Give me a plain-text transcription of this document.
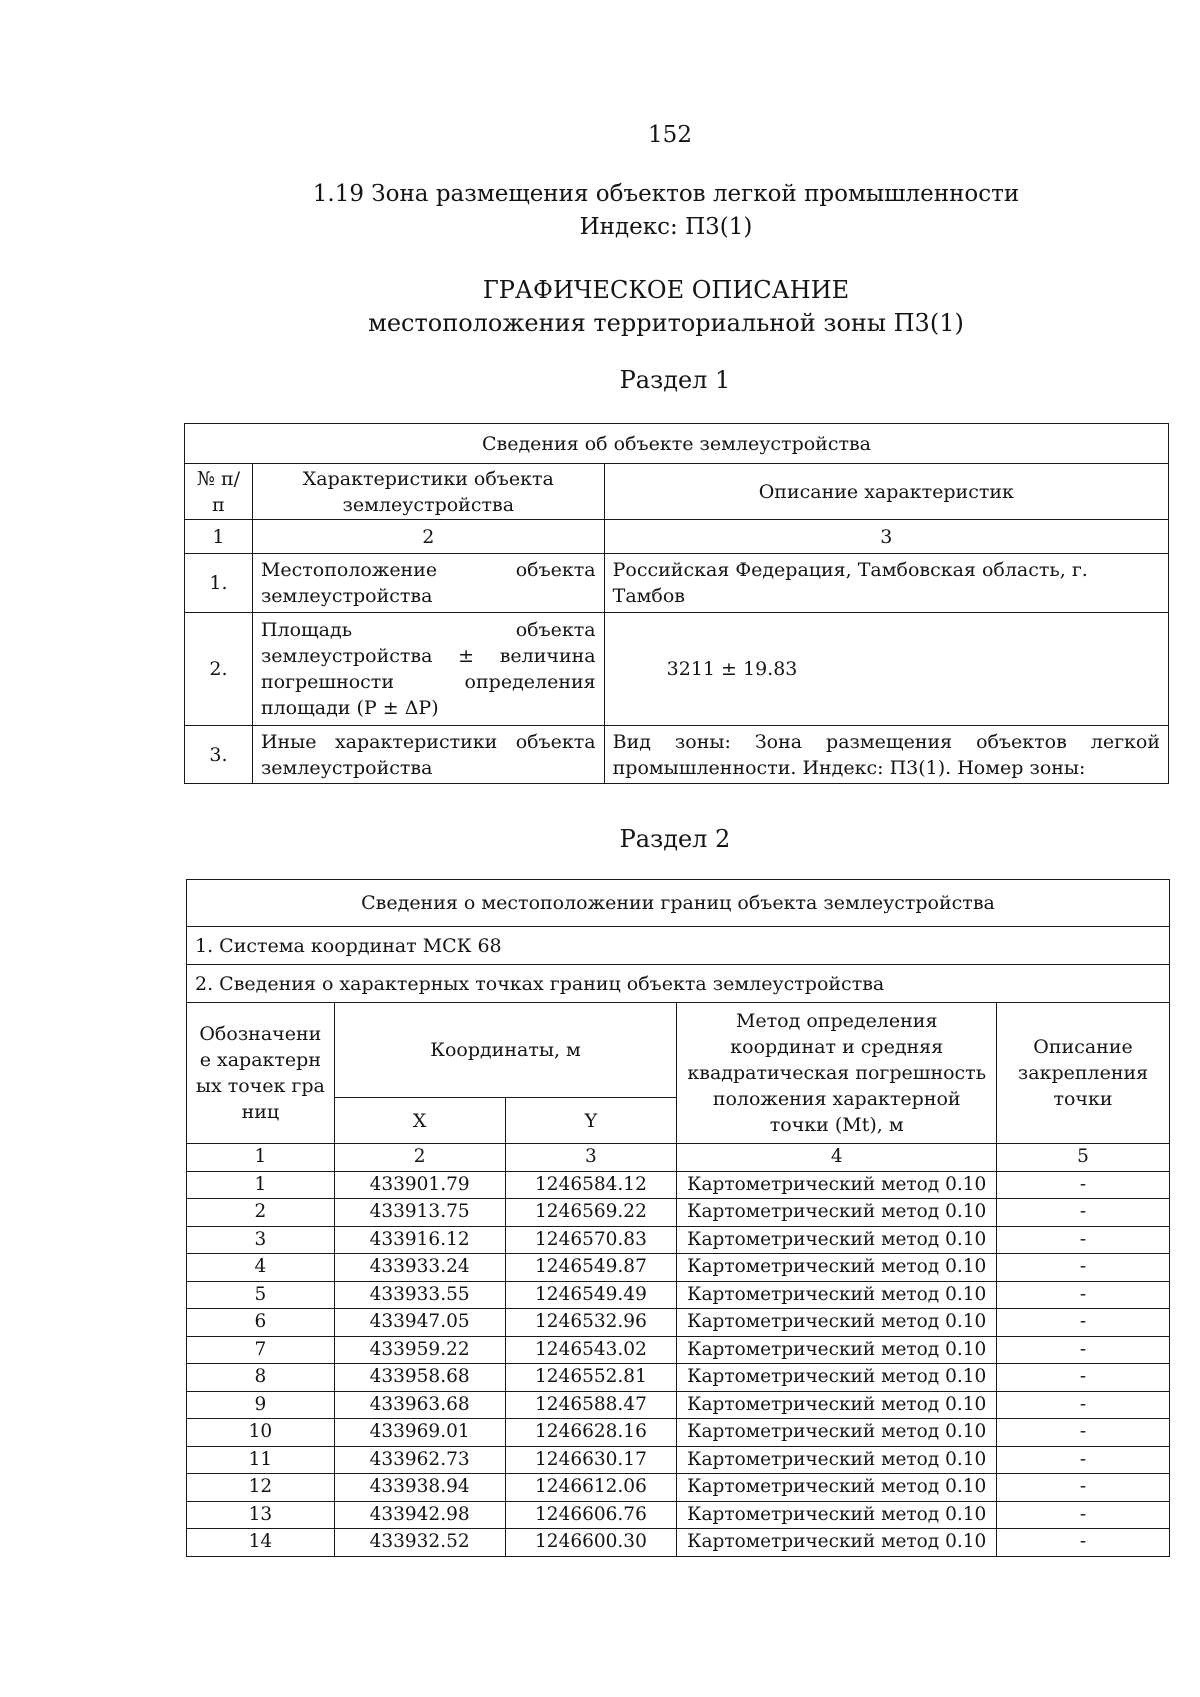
152
1.19 Зона размещения объектов легкой промышленности
Индекс: П3(1)
ГРАФИЧЕСКОЕ ОПИСАНИЕ
местоположения территориальной зоны П3(1)
Раздел 1
Сведения об объекте землеустройства		
№ п/п	Характеристики объекта землеустройства	Описание характеристик
1	2	3
1.	Местоположение объекта землеустройства	Российская Федерация, Тамбовская область, г. Тамбов
2.	Площадь объекта землеустройства ± величина погрешности определения площади (P ± ΔP)	3211 ± 19.83
3.	Иные характеристики объекта землеустройства	Вид зоны: Зона размещения объектов легкой промышленности. Индекс: П3(1). Номер зоны:
Раздел 2
Сведения о местоположении границ объекта землеустройства				
1. Система координат МСК 68				
2. Сведения о характерных точках границ объекта землеустройства				
Обозначение характерных точек границ	Координаты, м		Метод определения координат и средняя квадратическая погрешность положения характерной точки (Mt), м	Описание закрепления точки
	X	Y		
1	2	3	4	5
1	433901.79	1246584.12	Картометрический метод 0.10	-
2	433913.75	1246569.22	Картометрический метод 0.10	-
3	433916.12	1246570.83	Картометрический метод 0.10	-
4	433933.24	1246549.87	Картометрический метод 0.10	-
5	433933.55	1246549.49	Картометрический метод 0.10	-
6	433947.05	1246532.96	Картометрический метод 0.10	-
7	433959.22	1246543.02	Картометрический метод 0.10	-
8	433958.68	1246552.81	Картометрический метод 0.10	-
9	433963.68	1246588.47	Картометрический метод 0.10	-
10	433969.01	1246628.16	Картометрический метод 0.10	-
11	433962.73	1246630.17	Картометрический метод 0.10	-
12	433938.94	1246612.06	Картометрический метод 0.10	-
13	433942.98	1246606.76	Картометрический метод 0.10	-
14	433932.52	1246600.30	Картометрический метод 0.10	-
